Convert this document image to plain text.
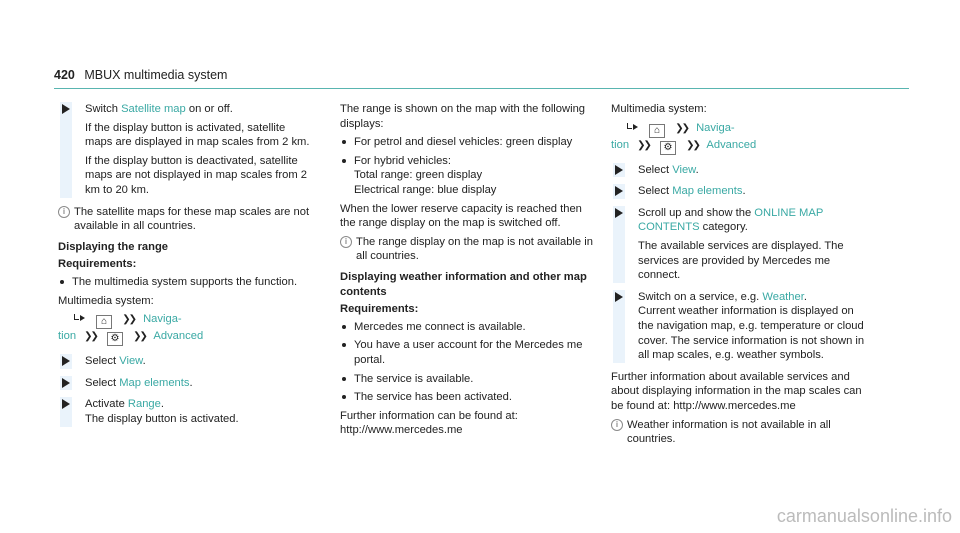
420 MBUX multimedia system
Switch Satellite map on or off.
If the display button is activated, satellite maps are displayed in map scales from 2 km.
If the display button is deactivated, satellite maps are not displayed in map scales from 2 km to 20 km.
i The satellite maps for these map scales are not available in all countries.
Displaying the range
Requirements:
The multimedia system supports the function.
Multimedia system:
⌂ ❯❯ Naviga-
tion ❯❯ ⚙ ❯❯ Advanced
Select View.
Select Map elements.
Activate Range.
The display button is activated.
The range is shown on the map with the following displays:
For petrol and diesel vehicles: green display
For hybrid vehicles:
Total range: green display
Electrical range: blue display
When the lower reserve capacity is reached then the range display on the map is switched off.
i The range display on the map is not available in all countries.
Displaying weather information and other map contents
Requirements:
Mercedes me connect is available.
You have a user account for the Mercedes me portal.
The service is available.
The service has been activated.
Further information can be found at: http://www.mercedes.me
Multimedia system:
⌂ ❯❯ Naviga-
tion ❯❯ ⚙ ❯❯ Advanced
Select View.
Select Map elements.
Scroll up and show the ONLINE MAP CONTENTS category.
The available services are displayed. The services are provided by Mercedes me connect.
Switch on a service, e.g. Weather.
Current weather information is displayed on the navigation map, e.g. temperature or cloud cover. The service information is not shown in all map scales, e.g. weather symbols.
Further information about available services and about displaying information in the map scales can be found at: http://www.mercedes.me
i Weather information is not available in all countries.
carmanualsonline.info
